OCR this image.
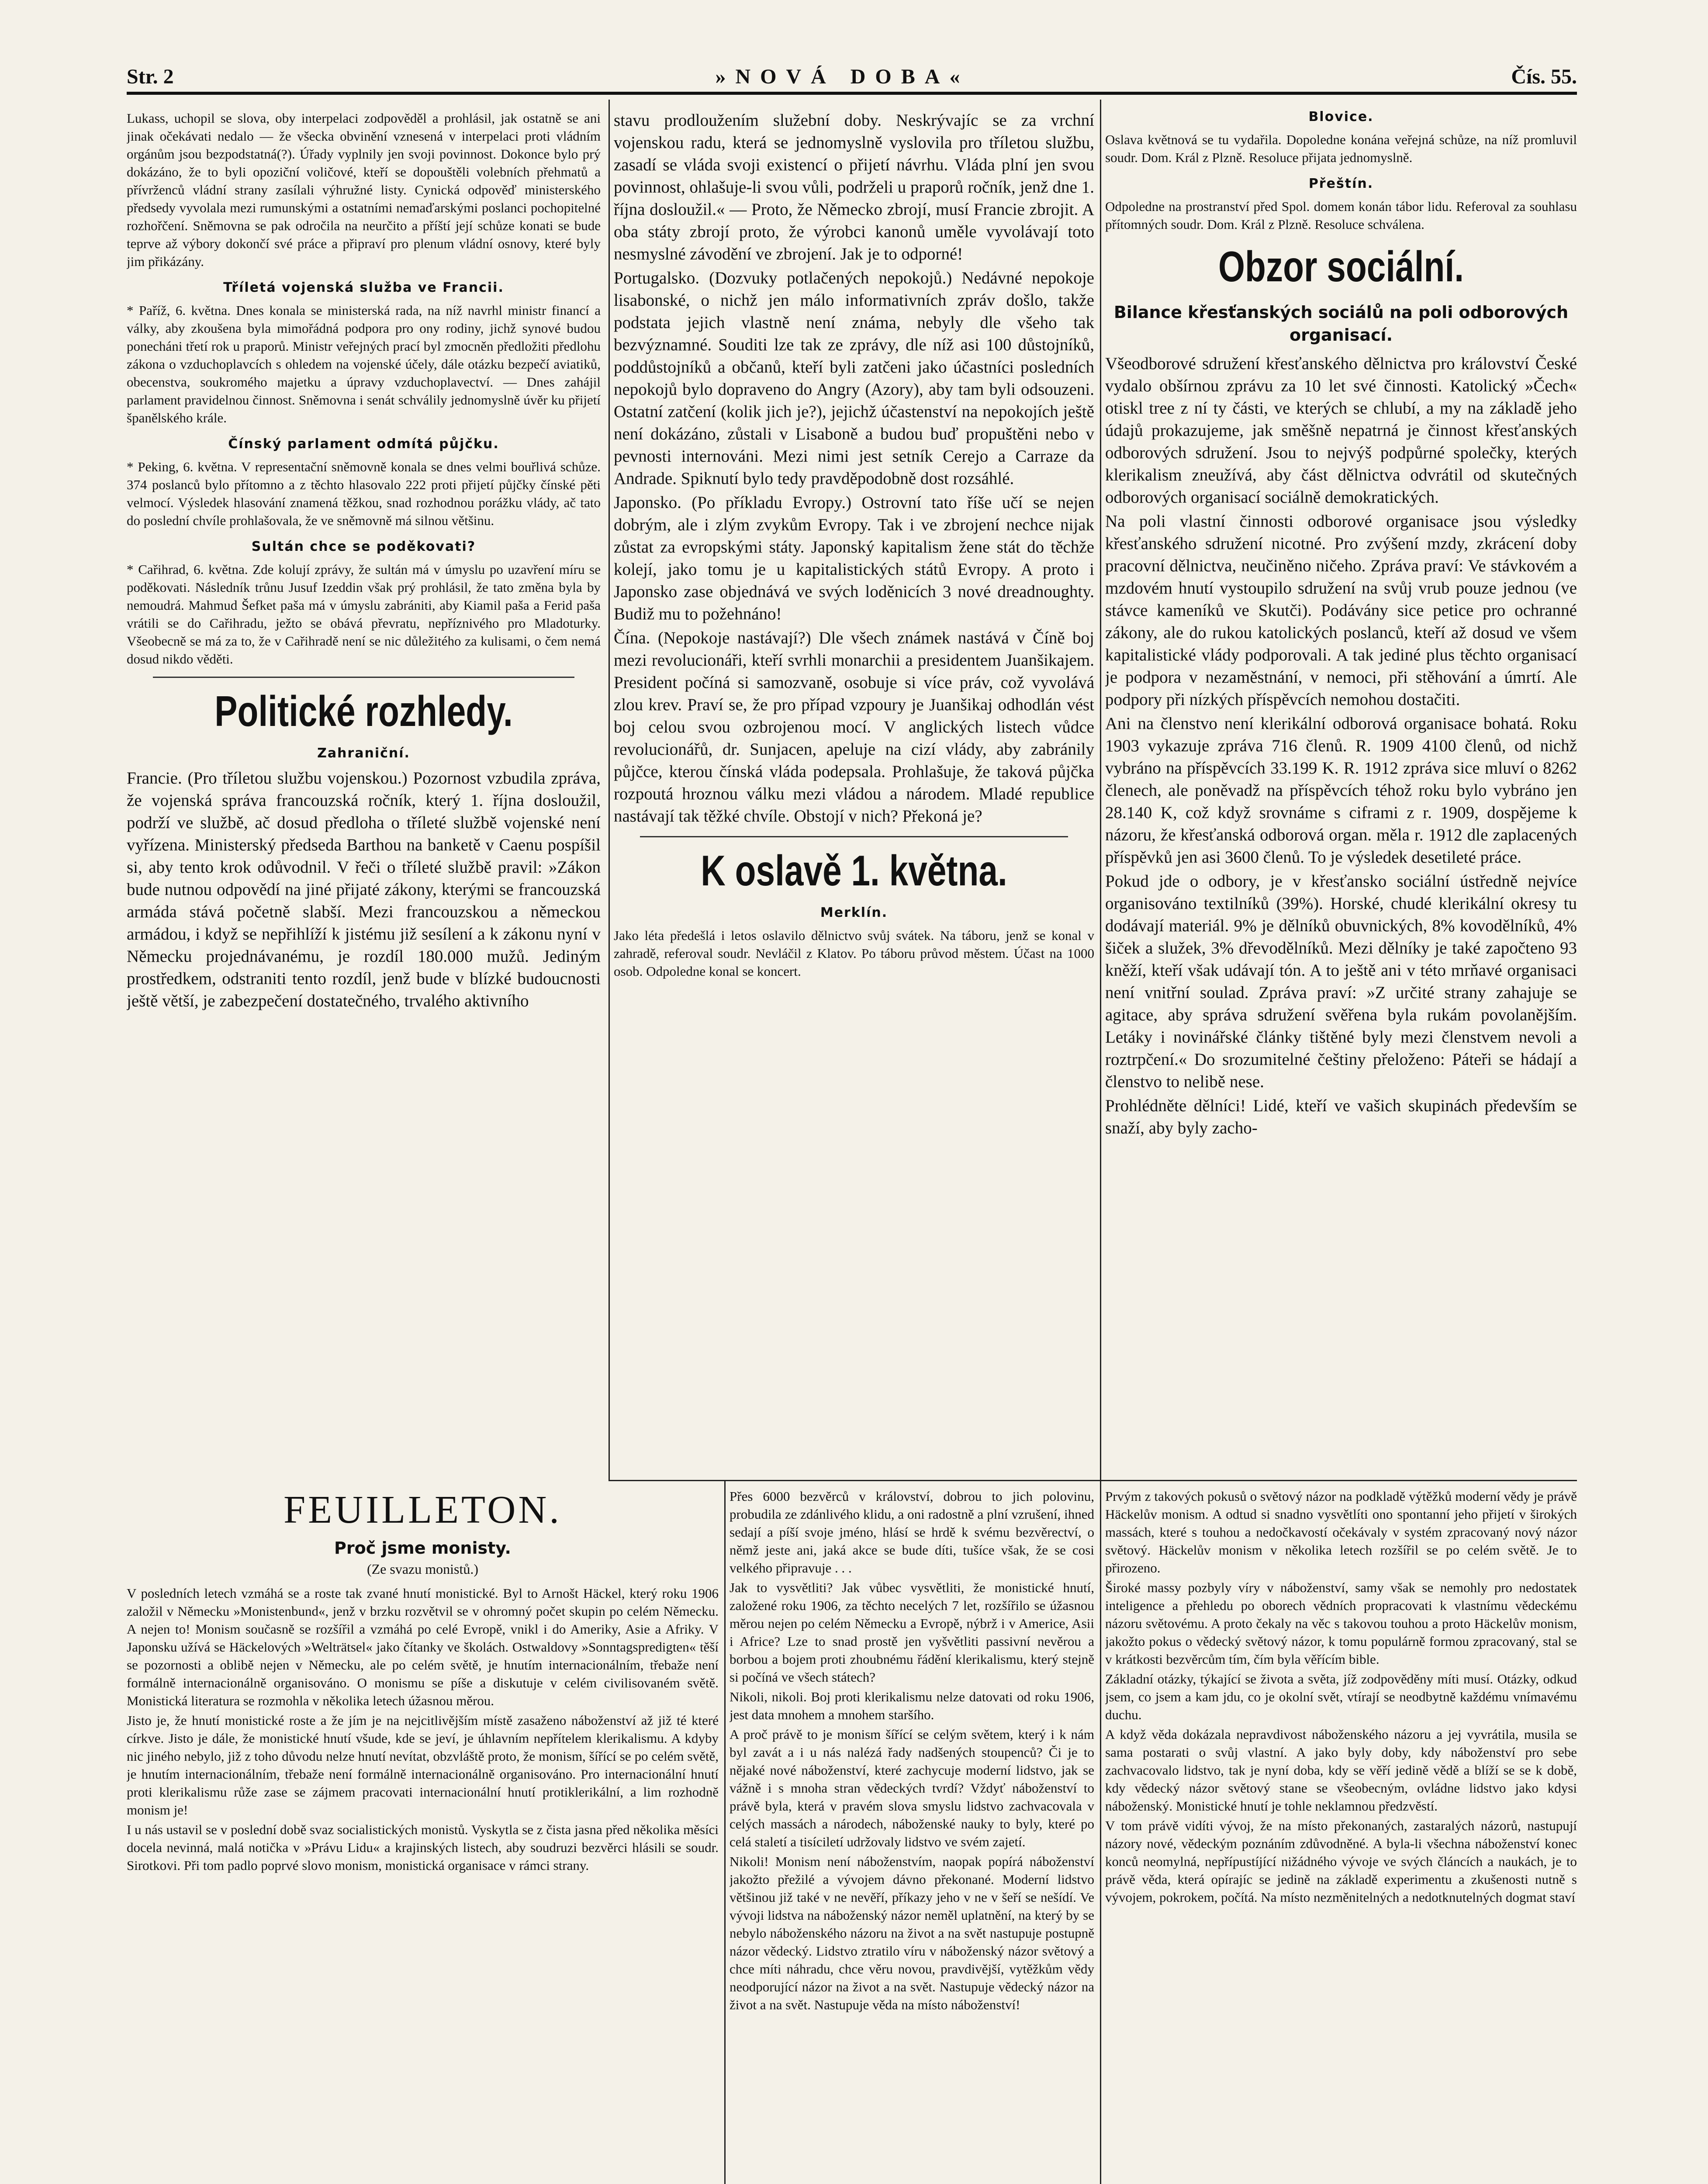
Str. 2	»NOVÁ DOBA«	Čís. 55.

Lukass, uchopil se slova, oby interpelaci zodpověděl a prohlásil, jak ostatně se ani jinak očekávati nedalo — že všecka obvinění vznesená v interpelaci proti vládním orgánům jsou bezpodstatná(?). Úřady vyplnily jen svoji povinnost. Dokonce bylo prý dokázáno, že to byli opoziční voličové, kteří se dopouštěli volebních přehmatů a přívrženců vládní strany zasílali výhružné listy. Cynická odpověď ministerského předsedy vyvolala mezi rumunskými a ostatními nemaďarskými poslanci pochopitelné rozhořčení. Sněmovna se pak odročila na neurčito a příští její schůze konati se bude teprve až výbory dokončí své práce a připraví pro plenum vládní osnovy, které byly jim přikázány.

Tříletá vojenská služba ve Francii.

* Paříž, 6. května. Dnes konala se ministerská rada, na níž navrhl ministr financí a války, aby zkoušena byla mimořádná podpora pro ony rodiny, jichž synové budou ponecháni třetí rok u praporů. Ministr veřejných prací byl zmocněn předložiti předlohu zákona o vzduchoplavcích s ohledem na vojenské účely, dále otázku bezpečí aviatiků, obecenstva, soukromého majetku a úpravy vzduchoplavectví. — Dnes zahájil parlament pravidelnou činnost. Sněmovna i senát schválily jednomyslně úvěr ku přijetí španělského krále.

Čínský parlament odmítá půjčku.

* Peking, 6. května. V representační sněmovně konala se dnes velmi bouřlivá schůze. 374 poslanců bylo přítomno a z těchto hlasovalo 222 proti přijetí půjčky čínské pěti velmocí. Výsledek hlasování znamená těžkou, snad rozhodnou porážku vlády, ač tato do poslední chvíle prohlašovala, že ve sněmovně má silnou většinu.

Sultán chce se poděkovati?

* Cařihrad, 6. května. Zde kolují zprávy, že sultán má v úmyslu po uzavření míru se poděkovati. Následník trůnu Jusuf Izeddin však prý prohlásil, že tato změna byla by nemoudrá. Mahmud Šefket paša má v úmyslu zabrániti, aby Kiamil paša a Ferid paša vrátili se do Cařihradu, ježto se obává převratu, nepříznivého pro Mladoturky. Všeobecně se má za to, že v Cařihradě není se nic důležitého za kulisami, o čem nemá dosud nikdo věděti.

Politické rozhledy.
Zahraniční.

Francie. (Pro tříletou službu vojenskou.) Pozornost vzbudila zpráva, že vojenská správa francouzská ročník, který 1. října dosloužil, podrží ve službě, ač dosud předloha o tříleté službě vojenské není vyřízena. Ministerský předseda Barthou na banketě v Caenu pospíšil si, aby tento krok odůvodnil. V řeči o tříleté službě pravil: »Zákon bude nutnou odpovědí na jiné přijaté zákony, kterými se francouzská armáda stává početně slabší. Mezi francouzskou a německou armádou, i když se nepřihlíží k jistému již sesílení a k zákonu nyní v Německu projednávanému, je rozdíl 180.000 mužů. Jediným prostředkem, odstraniti tento rozdíl, jenž bude v blízké budoucnosti ještě větší, je zabezpečení dostatečného, trvalého aktivního

stavu prodloužením služební doby. Neskrývajíc se za vrchní vojenskou radu, která se jednomyslně vyslovila pro tříletou službu, zasadí se vláda svoji existencí o přijetí návrhu. Vláda plní jen svou povinnost, ohlašuje-li svou vůli, podrželi u praporů ročník, jenž dne 1. října dosloužil.« — Proto, že Německo zbrojí, musí Francie zbrojit. A oba státy zbrojí proto, že výrobci kanonů uměle vyvolávají toto nesmyslné závodění ve zbrojení. Jak je to odporné!

Portugalsko. (Dozvuky potlačených nepokojů.) Nedávné nepokoje lisabonské, o nichž jen málo informativních zpráv došlo, takže podstata jejich vlastně není známa, nebyly dle všeho tak bezvýznamné. Souditi lze tak ze zprávy, dle níž asi 100 důstojníků, poddůstojníků a občanů, kteří byli zatčeni jako účastníci posledních nepokojů bylo dopraveno do Angry (Azory), aby tam byli odsouzeni. Ostatní zatčení (kolik jich je?), jejichž účastenství na nepokojích ještě není dokázáno, zůstali v Lisaboně a budou buď propuštěni nebo v pevnosti internováni. Mezi nimi jest setník Cerejo a Carraze da Andrade. Spiknutí bylo tedy pravděpodobně dost rozsáhlé.

Japonsko. (Po příkladu Evropy.) Ostrovní tato říše učí se nejen dobrým, ale i zlým zvykům Evropy. Tak i ve zbrojení nechce nijak zůstat za evropskými státy. Japonský kapitalism žene stát do těchže kolejí, jako tomu je u kapitalistických států Evropy. A proto i Japonsko zase objednává ve svých loděnicích 3 nové dreadnoughty. Budiž mu to požehnáno!

Čína. (Nepokoje nastávají?) Dle všech známek nastává v Číně boj mezi revolucionáři, kteří svrhli monarchii a presidentem Juanšikajem. President počíná si samozvaně, osobuje si více práv, což vyvolává zlou krev. Praví se, že pro případ vzpoury je Juanšikaj odhodlán vést boj celou svou ozbrojenou mocí. V anglických listech vůdce revolucionářů, dr. Sunjacen, apeluje na cizí vlády, aby zabránily půjčce, kterou čínská vláda podepsala. Prohlašuje, že taková půjčka rozpoutá hroznou válku mezi vládou a národem. Mladé republice nastávají tak těžké chvíle. Obstojí v nich? Překoná je?

K oslavě 1. května.
Merklín.

Jako léta předešlá i letos oslavilo dělnictvo svůj svátek. Na táboru, jenž se konal v zahradě, referoval soudr. Nevláčil z Klatov. Po táboru průvod městem. Účast na 1000 osob. Odpoledne konal se koncert.

Blovice.

Oslava květnová se tu vydařila. Dopoledne konána veřejná schůze, na níž promluvil soudr. Dom. Král z Plzně. Resoluce přijata jednomyslně.

Přeštín.

Odpoledne na prostranství před Spol. domem konán tábor lidu. Referoval za souhlasu přítomných soudr. Dom. Král z Plzně. Resoluce schválena.

Obzor sociální.
Bilance křesťanských sociálů na poli odborových organisací.

Všeodborové sdružení křesťanského dělnictva pro království České vydalo obšírnou zprávu za 10 let své činnosti. Katolický »Čech« otiskl tree z ní ty části, ve kterých se chlubí, a my na základě jeho údajů prokazujeme, jak směšně nepatrná je činnost křesťanských odborových sdružení. Jsou to nejvýš podpůrné společky, kterých klerikalism zneužívá, aby část dělnictva odvrátil od skutečných odborových organisací sociálně demokratických.

Na poli vlastní činnosti odborové organisace jsou výsledky křesťanského sdružení nicotné. Pro zvýšení mzdy, zkrácení doby pracovní dělnictva, neučiněno ničeho. Zpráva praví: Ve stávkovém a mzdovém hnutí vystoupilo sdružení na svůj vrub pouze jednou (ve stávce kameníků ve Skutči). Podávány sice petice pro ochranné zákony, ale do rukou katolických poslanců, kteří až dosud ve všem kapitalistické vlády podporovali. A tak jediné plus těchto organisací je podpora v nezaměstnání, v nemoci, při stěhování a úmrtí. Ale podpory při nízkých příspěvcích nemohou dostačiti.

Ani na členstvo není klerikální odborová organisace bohatá. Roku 1903 vykazuje zpráva 716 členů. R. 1909 4100 členů, od nichž vybráno na příspěvcích 33.199 K. R. 1912 zpráva sice mluví o 8262 členech, ale poněvadž na příspěvcích téhož roku bylo vybráno jen 28.140 K, což když srovnáme s ciframi z r. 1909, dospějeme k názoru, že křesťanská odborová organ. měla r. 1912 dle zaplacených příspěvků jen asi 3600 členů. To je výsledek desetileté práce.

Pokud jde o odbory, je v křesťansko sociální ústředně nejvíce organisováno textilníků (39%). Horské, chudé klerikální okresy tu dodávají materiál. 9% je dělníků obuvnických, 8% kovodělníků, 4% šiček a služek, 3% dřevodělníků. Mezi dělníky je také započteno 93 kněží, kteří však udávají tón. A to ještě ani v této mrňavé organisaci není vnitřní soulad. Zpráva praví: »Z určité strany zahajuje se agitace, aby správa sdružení svěřena byla rukám povolanějším. Letáky i novinářské články tištěné byly mezi členstvem nevoli a roztrpčení.« Do srozumitelné češtiny přeloženo: Páteři se hádají a členstvo to nelibě nese.

Prohlédněte dělníci! Lidé, kteří ve vašich skupinách především se snaží, aby byly zacho-

FEUILLETON.
Proč jsme monisty.
(Ze svazu monistů.)

V posledních letech vzmáhá se a roste tak zvané hnutí monistické. Byl to Arnošt Häckel, který roku 1906 založil v Německu »Monistenbund«, jenž v brzku rozvětvil se v ohromný počet skupin po celém Německu. A nejen to! Monism současně se rozšířil a vzmáhá po celé Evropě, vnikl i do Ameriky, Asie a Afriky. V Japonsku užívá se Häckelových »Welträtsel« jako čítanky ve školách. Ostwaldovy »Sonntagspredigten« těší se pozornosti a oblibě nejen v Německu, ale po celém světě, je hnutím internacionálním, třebaže není formálně internacionálně organisováno. O monismu se píše a diskutuje v celém civilisovaném světě. Monistická literatura se rozmohla v několika letech úžasnou měrou.

Jisto je, že hnutí monistické roste a že jím je na nejcitlivějším místě zasaženo náboženství až již té které církve. Jisto je dále, že monistické hnutí všude, kde se jeví, je úhlavním nepřítelem klerikalismu. A kdyby nic jiného nebylo, již z toho důvodu nelze hnutí nevítat, obzvláště proto, že monism, šířící se po celém světě, je hnutím internacionálním, třebaže není formálně internacionálně organisováno. Pro internacionální hnutí proti klerikalismu růže zase se zájmem pracovati internacionální hnutí protiklerikální, a lim rozhodně monism je!

I u nás ustavil se v poslední době svaz socialistických monistů. Vyskytla se z čista jasna před několika měsíci docela nevinná, malá notička v »Právu Lidu« a krajinských listech, aby soudruzi bezvěrci hlásili se soudr. Sirotkovi. Při tom padlo poprvé slovo monism, monistická organisace v rámci strany.

Přes 6000 bezvěrců v království, dobrou to jich polovinu, probudila ze zdánlivého klidu, a oni radostně a plní vzrušení, ihned sedají a píší svoje jméno, hlásí se hrdě k svému bezvěrectví, o němž jeste ani, jaká akce se bude díti, tušíce však, že se cosi velkého připravuje . . .

Jak to vysvětliti? Jak vůbec vysvětliti, že monistické hnutí, založené roku 1906, za těchto necelých 7 let, rozšířilo se úžasnou měrou nejen po celém Německu a Evropě, nýbrž i v Americe, Asii i Africe? Lze to snad prostě jen vyšvětliti passivní nevěrou a borbou a bojem proti zhoubnému řádění klerikalismu, který stejně si počíná ve všech státech?

Nikoli, nikoli. Boj proti klerikalismu nelze datovati od roku 1906, jest data mnohem a mnohem staršího.

A proč právě to je monism šířící se celým světem, který i k nám byl zavát a i u nás nalézá řady nadšených stoupenců? Či je to nějaké nové náboženství, které zachycuje moderní lidstvo, jak se vážně i s mnoha stran vědeckých tvrdí? Vždyť náboženství to právě byla, která v pravém slova smyslu lidstvo zachvacovala v celých massách a národech, náboženské nauky to byly, které po celá staletí a tisíciletí udržovaly lidstvo ve svém zajetí.

Nikoli! Monism není náboženstvím, naopak popírá náboženství jakožto přežilé a vývojem dávno překonané. Moderní lidstvo většinou již také v ne nevěří, příkazy jeho v ne v šeří se nešídí. Ve vývoji lidstva na náboženský názor neměl uplatnění, na který by se nebylo náboženského názoru na život a na svět nastupuje postupně názor vědecký. Lidstvo ztratilo víru v náboženský názor světový a chce míti náhradu, chce věru novou, pravdivější, vytěžkům vědy neodporující názor na život a na svět. Nastupuje vědecký názor na život a na svět. Nastupuje věda na místo náboženství!

Prvým z takových pokusů o světový názor na podkladě výtěžků moderní vědy je právě Häckelův monism. A odtud si snadno vysvětlíti ono spontanní jeho přijetí v širokých massách, které s touhou a nedočkavostí očekávaly v systém zpracovaný nový názor světový. Häckelův monism v několika letech rozšířil se po celém světě. Je to přirozeno.

Široké massy pozbyly víry v náboženství, samy však se nemohly pro nedostatek inteligence a přehledu po oborech vědních propracovati k vlastnímu vědeckému názoru světovému. A proto čekaly na věc s takovou touhou a proto Häckelův monism, jakožto pokus o vědecký světový názor, k tomu populárně formou zpracovaný, stal se v krátkosti bezvěrcům tím, čím byla věřícím bible.

Základní otázky, týkající se života a světa, jíž zodpověděny míti musí. Otázky, odkud jsem, co jsem a kam jdu, co je okolní svět, vtírají se neodbytně každému vnímavému duchu.

A když věda dokázala nepravdivost náboženského názoru a jej vyvrátila, musila se sama postarati o svůj vlastní. A jako byly doby, kdy náboženství pro sebe zachvacovalo lidstvo, tak je nyní doba, kdy se věří jedině vědě a blíží se se k době, kdy vědecký názor světový stane se všeobecným, ovládne lidstvo jako kdysi náboženský. Monistické hnutí je tohle neklamnou předzvěstí.

V tom právě vidíti vývoj, že na místo překonaných, zastaralých názorů, nastupují názory nové, vědeckým poznáním zdůvodněné. A byla-li všechna náboženství konec konců neomylná, nepřípustíjící nižádného vývoje ve svých článcích a naukách, je to právě věda, která opírajíc se jedině na základě experimentu a zkušenosti nutně s vývojem, pokrokem, počítá. Na místo nezměnitelných a nedotknutelných dogmat staví
